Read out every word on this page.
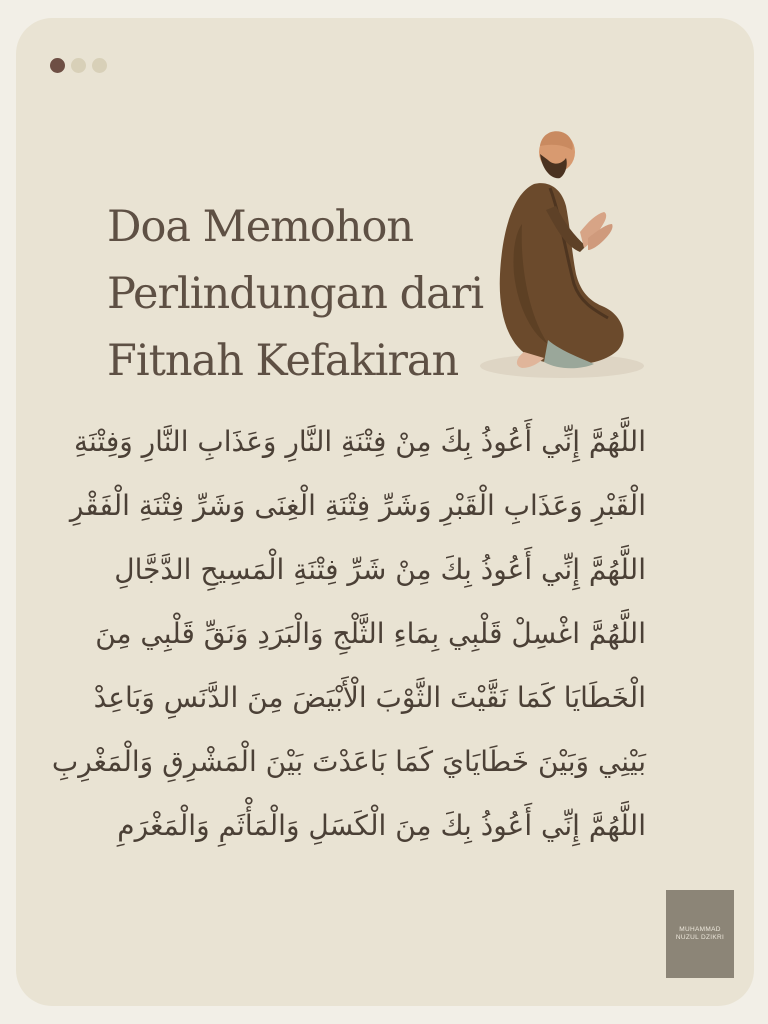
Doa Memohon
Perlindungan dari
Fitnah Kefakiran
اللَّهُمَّ إِنِّي أَعُوذُ بِكَ مِنْ فِتْنَةِ النَّارِ وَعَذَابِ النَّارِ وَفِتْنَةِ
الْقَبْرِ وَعَذَابِ الْقَبْرِ وَشَرِّ فِتْنَةِ الْغِنَى وَشَرِّ فِتْنَةِ الْفَقْرِ
اللَّهُمَّ إِنِّي أَعُوذُ بِكَ مِنْ شَرِّ فِتْنَةِ الْمَسِيحِ الدَّجَّالِ
اللَّهُمَّ اغْسِلْ قَلْبِي بِمَاءِ الثَّلْجِ وَالْبَرَدِ وَنَقِّ قَلْبِي مِنَ
الْخَطَايَا كَمَا نَقَّيْتَ الثَّوْبَ الْأَبْيَضَ مِنَ الدَّنَسِ وَبَاعِدْ
بَيْنِي وَبَيْنَ خَطَايَايَ كَمَا بَاعَدْتَ بَيْنَ الْمَشْرِقِ وَالْمَغْرِبِ
اللَّهُمَّ إِنِّي أَعُوذُ بِكَ مِنَ الْكَسَلِ وَالْمَأْثَمِ وَالْمَغْرَمِ
MUHAMMAD
NUZUL DZIKRI
